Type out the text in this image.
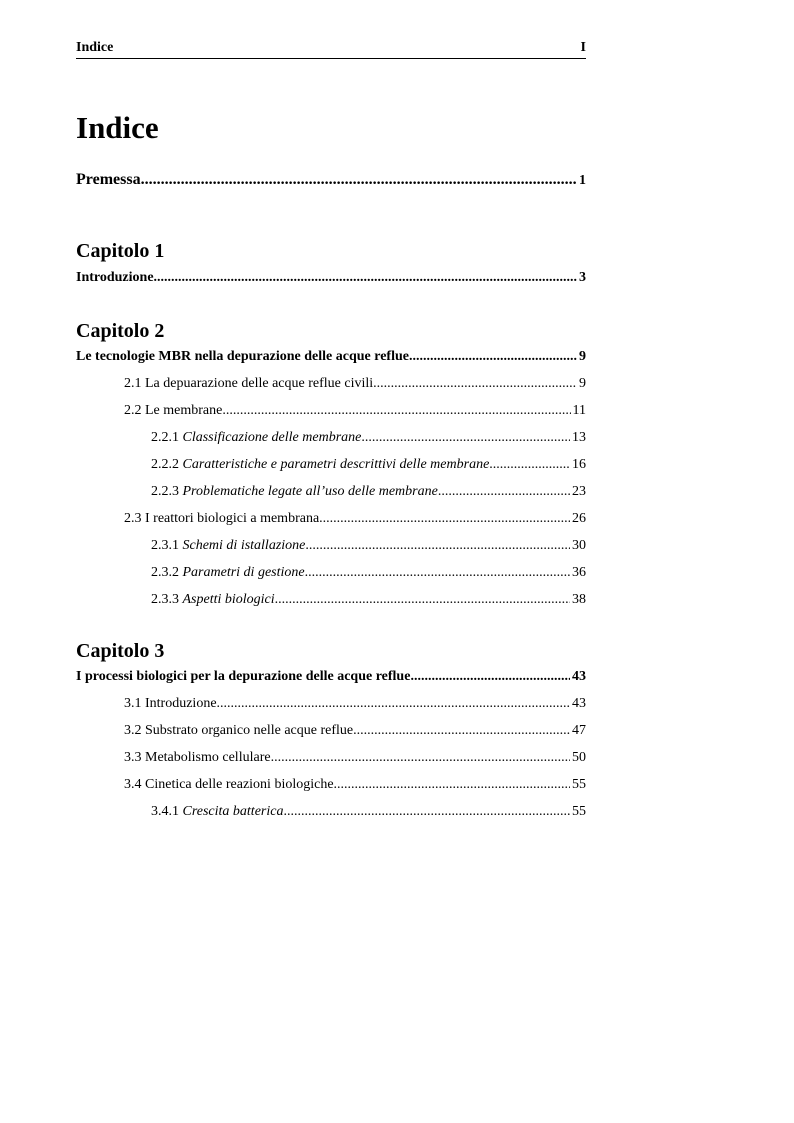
Indice	I
Indice
Premessa .....	1
Capitolo 1
Introduzione .....	3
Capitolo 2
Le tecnologie MBR nella depurazione delle acque reflue .....	9
2.1 La depuarazione delle acque reflue civili .....	9
2.2 Le membrane .....	11
2.2.1 Classificazione delle membrane .....	13
2.2.2 Caratteristiche e parametri descrittivi delle membrane .....	16
2.2.3 Problematiche legate all’uso delle membrane .....	23
2.3 I reattori biologici a membrana .....	26
2.3.1 Schemi di istallazione .....	30
2.3.2 Parametri di gestione .....	36
2.3.3 Aspetti biologici .....	38
Capitolo 3
I processi biologici per la depurazione delle acque reflue .....	43
3.1 Introduzione .....	43
3.2 Substrato organico nelle acque reflue .....	47
3.3 Metabolismo cellulare .....	50
3.4 Cinetica delle reazioni biologiche .....	55
3.4.1 Crescita batterica .....	55
